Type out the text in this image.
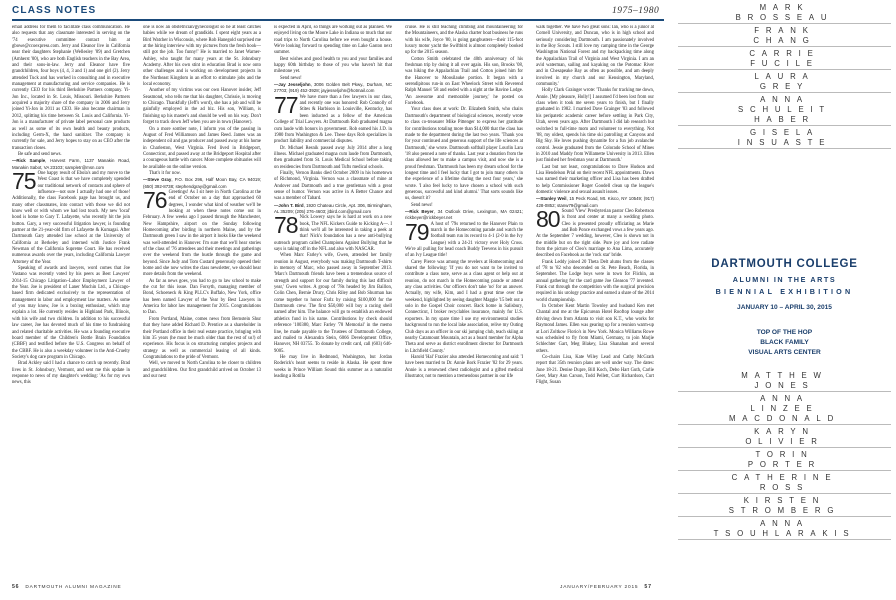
CLASS NOTES	1975–1980

email address for them to facilitate class communication. He also requests that any classmate interested in serving on the '74 executive committee contact him at gbowe@ccoexpress.com. Jerry and Eleanor live in California near their daughters Stephanie (Wellesley '89) and Gretchen (Amherst '00), who are both English teachers in the Bay Area, and their sons-in-law. Jerry and Eleanor have five grandchildren, four boys (4, 4, 3 and 1) and one girl (2). Jerry attended Tuck and has worked in consulting and in executive management at manufacturing and service companies. He is currently CEO for his third Berkshire Partners company. Yi-Jon Inc., located in St. Louis, Missouri. Berkshire Partners acquired a majority share of the company in 2006 and Jerry joined Yi-Jon in 2011 as CEO. He also became chairman in 2012, splitting his time between St. Louis and California. Yi-Jon is a manufacturer of private label personal care products as well as some of its own health and beauty products, including Germ-X, the hand sanitizer. The company is currently for sale, and Jerry hopes to stay on as CEO after the transaction closes.

Be safe and send news.

—Rick Sample, Harvest Farm, 1137 Manakin Road, Manakin Sabot, VA 23103; sampletr@msn.com

75 One happy result of Ebola's and my move to the West Coast is that we have completely upended our traditional network of contacts and sphere of influence—not sure I actually had one of those! Additionally, the class Facebook page has brought us, and many other classmates, into contact with those we did not know well or with whom we had lost touch. My new 'local' hood is home to Gary T. Lafayette, who recently hit the join button. Gary, a very successful litigation lawyer, is founding partner at the 21-year-old firm of Lafayette & Kumagai. After Dartmouth Gary attended law school at the University of California at Berkeley and interned with Justice Frank Newman of the California Supreme Court. He has received numerous awards over the years, including California Lawyer Attorney of the Year.

Speaking of awards and lawyers, word comes that Joe Vastano was recently voted by his peers as Best Lawyers' 2014-15 Chicago Litigation–Labor Employment Lawyer of the Year. Joe is president of Laner Muchin Ltd., a Chicago-based firm dedicated exclusively to the representation of management in labor and employment law matters. As some of you may know, Joe is a boxing enthusiast, which may explain a lot. He currently resides in Highland Park, Illinois, with his wife and two children. In addition to his successful law career, Joe has devoted much of his time to fundraising and related charitable activities. He was a founding executive board member of the Children's Bottle Brain Foundation (CBBF) and testified before the U.S. Congress on behalf of the CBBF. He is also a weekday volunteer in the Anti-Cruelty Society's dog care program in Chicago.

Brad Ackley said I had a chance to catch up recently. Brad lives in St. Johnsbury, Vermont, and sent me this update in response to news of my daughter's wedding: 'As for my own news, this

one is now an obstetrician/gynecologist so he at least catches babies while we dream of grandkids. I spent eight years as a Bird Watcher in Wisconsin, where Rob Hanegold surprised me at the hiring interview with my pictures from the fresh book—still got the job. Too funny!' He is married to Janet Warner-Ashley, who taught for many years at the St. Johnsbury Academy. After his own stint in education Brad is now onto other challenges and is working on development projects in the Northeast Kingdom in an effort to stimulate jobs and the local economy.

Another of my victims was our own Hanover insider, Jeff Seasmond, who tells me that his daughter, Chrissie, is moving to Chicago. Thankfully (Jeff's word), she has a job and will be gainfully employed in the ad biz. His son, William, is finishing up his master's and should be well on his way. Don't forget to track down Jeff when you are in town (Hanover).

On a more somber note, I inform you of the passing in August of Fred Williamson and James Reed. James was an independent oil and gas producer and passed away at his home in Charleston, West Virginia. Fred lived in Bridgeport, Connecticut, and passed away at the Bridgeport Hospital after a courageous battle with cancer. More complete obituaries will be available on the online version.

That's it for now.

—Steve Gray, P.O. Box 296, Half Moon Bay, CA 94019; (650) 392-8738; stephendgray@gmail.com

76 Greetings! As I sit here in North Carolina at the end of October on a day that approached 60 degrees, I wonder what kind of weather we'll be looking at when these notes come out in February. A few weeks ago I passed through the Manchester, New Hampshire, airport on the Sunday following Homecoming after birding in northern Maine, and by the Dartmouth green I saw in the airport it looks like the weekend was well-attended in Hanover. I'm sure that we'll hear stories of the class of '76 attendees and their meetings and gatherings over the weekend from the hustle through the game and beyond. Since Judy and Tom Custard generously opened their home and she now writes the class newsletter, we should hear more details from the weekend.

As far as news goes, you had to go to law school to make the cut for this issue. Dan Forsyth, managing member of Bond, Schoeneck & King PLLC's Buffalo, New York, office has been named Lawyer of the Year by Best Lawyers in America for labor law management for 2015. Congratulations to Dan.

From Portland, Maine, comes news from Bernstein Shur that they have added Richard D. Prentice as a shareholder in their Portland office in their real estate practice, bringing with him 35 years (he must be much older than the rest of us!) of experience. His focus is on structuring complex projects and strategy as well as commercial leasing of all kinds. Congratulations to the pride of Vermont.

Well, we moved to North Carolina to be closer to children and grandchildren. Our first grandchild arrived on October 13 and our next

is expected in April, so things are working out as planned. We enjoyed living on the Moore Lake in Indiana so much that our road trips to North Carolina before we even bought a house. We're looking forward to spending time on Lake Gaston next summer.

Best wishes and good health to you and your families and happy 60th birthday to those of you who haven't hit that milestone yet.

Send news!

—Jay Jesseljohn, 3006 Golden Belt Pkwy., Durham, NC 27703; (919) 452-3928; jayjesseljohn@hotmail.com

77 We have more than a few lawyers in our class, and recently one was honored: Rob Connolly of Stites & Harbison in Louisville, Kentucky, has been inducted as a fellow of the American College of Trial Lawyers. At Dartmouth Rob graduated magna cum laude with honors in government. Rob earned his J.D. in 1980 from Washington & Lee. These days Rob specializes in product liability and commercial disputes.

Dr. Michael Resnik passed away July 2014 after a long illness. Michael graduated magna cum laude from Dartmouth, then graduated from St. Louis Medical School before taking on residencies from Dartmouth and Tufts medical schools.

Finally, Vernon Banks died October 2009 in his hometown of Richmond, Virginia. Vernon was a classmate of mine at Andover and Dartmouth and a true gentleman with a great sense of humor. Vernon was active in A Better Chance and was a member of Tabard.

—John T. Bird, 1920 Chateau Circle, Apt. 306, Birmingham, AL 35209; (205) 276-4603; jtbird.com@gmail.com

78 Nick Lowery says he is hard at work on a new book, The NFL Kickers Guide to Kicking A—. I think we'll all be interested in taking a peek at that! Nick's foundation has a new anti-bullying outreach program called Champions Against Bullying that he says is taking off in the NFL and also with NASCAR.

When Marc Farley's wife, Gwen, attended her family reunion in August, everybody was making Dartmouth T-shirts in memory of Marc, who passed away in September 2013. 'Marc's Dartmouth friends have been a tremendous source of strength and support for our family during this last difficult year,' Gwen writes. A group of '78s headed by Jim Baillon, Colin Chen, Bernie Drury, Chris Riley and Bob Shurman has come together to honor Farlz by raising $100,000 for the Dartmouth crew. The first $50,000 will buy a racing shell named after him. The balance will go to establish an endowed athletics fund in his name. Contributions by check should reference '100380, Marc Farley '78 Memorial' in the memo line, be made payable to the Trustees of Dartmouth College, and mailed to Alexandra Stein, 6066 Development Office, Hanover, NH 03755. To donate by credit card, call (603) 646-9005.

He may live in Redmond, Washington, but Jordan Roderick's heart seems to reside in Alaska. He spent three weeks in Prince William Sound this summer as a naturalist leading a Rotilla

cruise. He is still teaching climbing and mountaineering for the Mountaineers, and the Alaska charter boat business he runs with his wife, Joyce '80, is going gangbusters—their 115-foot luxury motor yacht the Swiftbird is almost completely booked up for the 2015 season.

Cotton Smith celebrated the 40th anniversary of his freshman trip by doing it all over again. His son, Brooks '08, was hiking the Appalachian Trail and Cotton joined him for the Hanover to Moosilauke portion. It began with a serendipitous run-in on East Wheelock Street with Reverend Ralph Manuel '58 and ended with a night at the Ravine Lodge. 'An awesome and memorable journey,' he posted on Facebook.

Your class dues at work: Dr. Elizabeth Smith, who chairs Dartmouth's department of biological sciences, recently wrote to class co-treasurer Mike Pittenger to express her gratitude for contributions totaling more than $14,000 that the class has made to the department during the last two years. 'Thank you for your continued and generous support of the life sciences at Dartmouth,' she wrote. Dartmouth softball player Lourlin Lara '18 also penned a note of thanks. Last year a donation from the class allowed her to make a campus visit, and now she is a proud freshman. 'Dartmouth has been my dream school for the longest time and I feel lucky that I got to join many others in the experience of a lifetime during the next four years,' she wrote. 'I also feel lucky to have chosen a school with such generous, successful and kind alumni.' That sorts sounds like us, doesn't it?

Send news!

—Rick Beyer, 34 Outlook Drive, Lexington, MA 02421; rickbeyer@rickbeyer.net

79 A host of '79s returned to the Hanover Plain to march in the Homecoming parade and watch the football team run its record to 4-1 (2-0 in the Ivy League) with a 24-21 victory over Holy Cross. We're all pulling for head coach Buddy Teevens in his pursuit of an Ivy League title!

Carey Pierce was among the revelers at Homecoming and shared the following: 'If you do not want to be invited to contribute a class note, serve as a class agent or help out at reunion, do not march in the Homecoming parade or attend any class activities. Our officers don't take 'no' for an answer. Actually, my wife, Kim, and I had a great time over the weekend, highlighted by seeing daughter Maggie '15 belt out a solo in the Gospel Choir concert. Back home in Salisbury, Connecticut, I broker recyclables insurance, mainly for U.S. exporters. In my spare time I use my environmental studies background to run the local lake association, relive my Outing Club days as an officer in our ski jumping club, teach skiing at nearby Catamount Mountain, act as a board member for Alpha Theta and serve as district enrollment director for Dartmouth in Litchfield County.'

Harold 'Hal' Frazier also attended Homecoming and said: 'I have been married to Dr. Annie Bork Frazier '82 for 29 years. Annie is a renowned chest radiologist and a gifted medical illustrator, not to mention a tremendous partner in our life

walk together. We have two great sons: Ian, who is a junior at Cornell University, and Duncan, who is in high school and seriously considering Dartmouth. I am passionately involved in the Boy Scouts. I still love my camping time in the George Washington National Forest and my backpacking time along the Appalachian Trail of Virginia and West Virginia. I am an avid waterman, sailing and kayaking on the Potomac River and in Chesapeake Bay as often as possible, and am deeply involved in my church and our Kensington, Maryland, community.'

Holly Clark Grainger wrote: 'Thanks for tracking me down, Annie. [My pleasure, Holly!] I assumed I'd been lost from our class when it took me seven years to finish, but I finally graduated in 1982. I married Dave Grainger '83 and followed his peripatetic academic career before settling in Park City, Utah, seven years ago. After Dartmouth I did lab research but switched to full-time mom and volunteer to everything. Not '08, my oldest, spends his time ski patrolling at Canyons and Big Sky. He loves pushing dynamite for a fun job avalanche control. Jessie graduated from the Colorado School of Mines in 2010 and Maddy from Willamette University in 2013. Ellen just finished her freshman year at Dartmouth.'

Last but not least, congratulations to Dave Hudson and Lisa Hendelson Prial on their recent NFL appointments. Dawn was named their marketing officer and Lisa has been drafted to help Commissioner Roger Goodell clean up the league's domestic violence and sexual assault issues.

—Stanley Weil, 15 Peck Road, Mt. Kisco, NY 10549; (917) 428-0852; stanw79@gmail.com

80 Sound 'View' Presbyterian pastor Cleo Robertson is front and center at many a wedding photo. Cleo is presented proudly officiating as Marie and Bob Ponce exchanged vows a few years ago. At the September 7 wedding, however, Cleo is shown not in the middle but on the right side. Pure joy and love radiate from the picture of Cleo's marriage to Ana Lima, accurately described on Facebook as the 'rock star' bride.

Frank Leddy joined 20 Theta Delt alums from the classes of '78 to '82 who descended on St. Pete Beach, Florida, in September. The Lodge boys were in town for Flichin, an annual gathering for the card game Joe Gleason '77 invented. Frank cut through the competition with the surgical precision required in his urology practice and earned a share of the 2014 world championship.

In October Kent Martin Townley and husband Ken met Chantal and me at the Epicurean Hotel Rooftop lounge after driving down from Atlanta to visit son K.T., who works for Raymond James. Ellen was gearing up for a reunion warm-up at Lori Zoltkow Florio's in New York. Monica Williams Rowe was scheduled to fly from Miami, Germany, to join Marjie Schlechter Gart, Meg Blakey, Lisa Shanahan and several others.

Co-chairs Lisa, Kate Wiley Lead and Cathy McGrath report that 35th reunion plans are well under way. The dates: June 18-21. Denise Dupre, Bill Koch, Debo Hart Guth, Carlie Geer, Mary Ann Carson, Todd Pellett, Curt Richardson, Curt Flight, Susan

56 DARTMOUTH ALUMNI MAGAZINE	JANUARY/FEBRUARY 2015 57
MARK
BROSSEAU
FRANK
CHANG
CARRIE
FUCILE
LAURA
GREY
ANNA
SCHULEIT
HABER
GISELA
INSUASTE
DARTMOUTH COLLEGE
ALUMNI IN THE ARTS
BIENNIAL EXHIBITION
JANUARY 10 – APRIL 30, 2015
TOP OF THE HOP
BLACK FAMILY
VISUAL ARTS CENTER
MATTHEW
JONES
ANNA
LINZEE
MACDONALD
KARYN
OLIVIER
TORIN
PORTER
CATHERINE
ROSS
KIRSTEN
STROMBERG
ANNA
TSOUHLARAKIS
